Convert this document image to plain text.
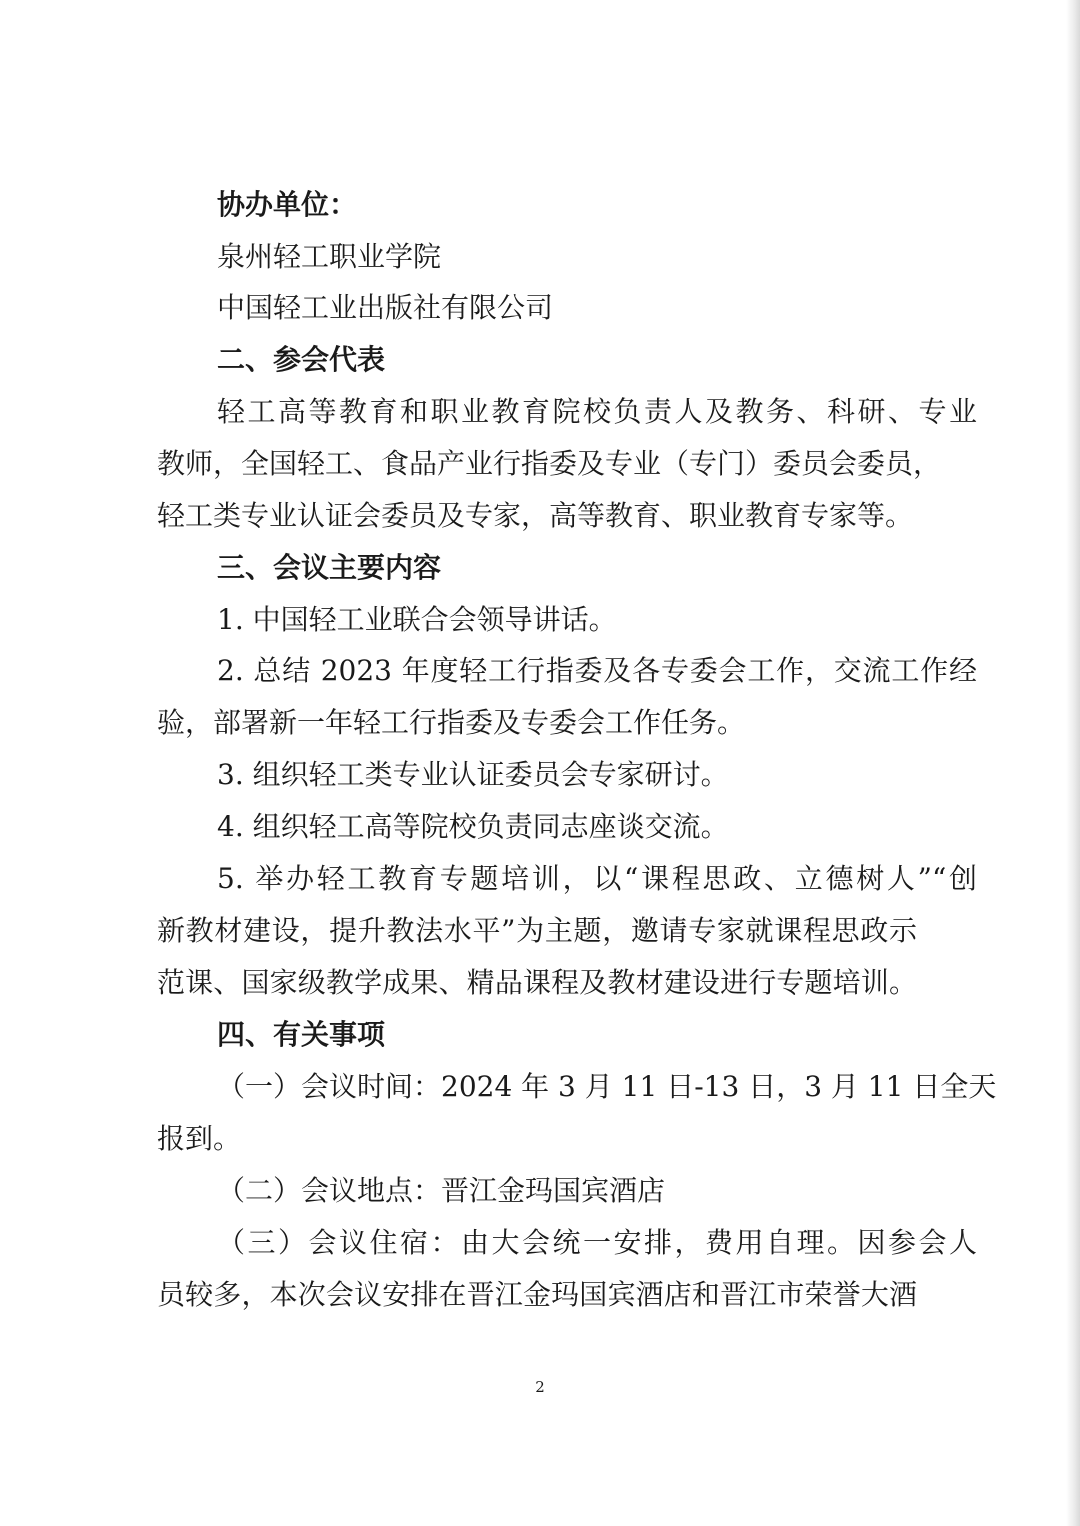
协办单位：
泉州轻工职业学院
中国轻工业出版社有限公司
二、参会代表
轻工高等教育和职业教育院校负责人及教务、科研、专业
教师，全国轻工、食品产业行指委及专业（专门）委员会委员，
轻工类专业认证会委员及专家，高等教育、职业教育专家等。
三、会议主要内容
1. 中国轻工业联合会领导讲话。
2. 总结 2023 年度轻工行指委及各专委会工作，交流工作经
验，部署新一年轻工行指委及专委会工作任务。
3. 组织轻工类专业认证委员会专家研讨。
4. 组织轻工高等院校负责同志座谈交流。
5. 举办轻工教育专题培训，以“课程思政、立德树人”“创
新教材建设，提升教法水平”为主题，邀请专家就课程思政示
范课、国家级教学成果、精品课程及教材建设进行专题培训。
四、有关事项
（一）会议时间：2024 年 3 月 11 日-13 日，3 月 11 日全天
报到。
（二）会议地点：晋江金玛国宾酒店
（三）会议住宿：由大会统一安排，费用自理。因参会人
员较多，本次会议安排在晋江金玛国宾酒店和晋江市荣誉大酒
2
